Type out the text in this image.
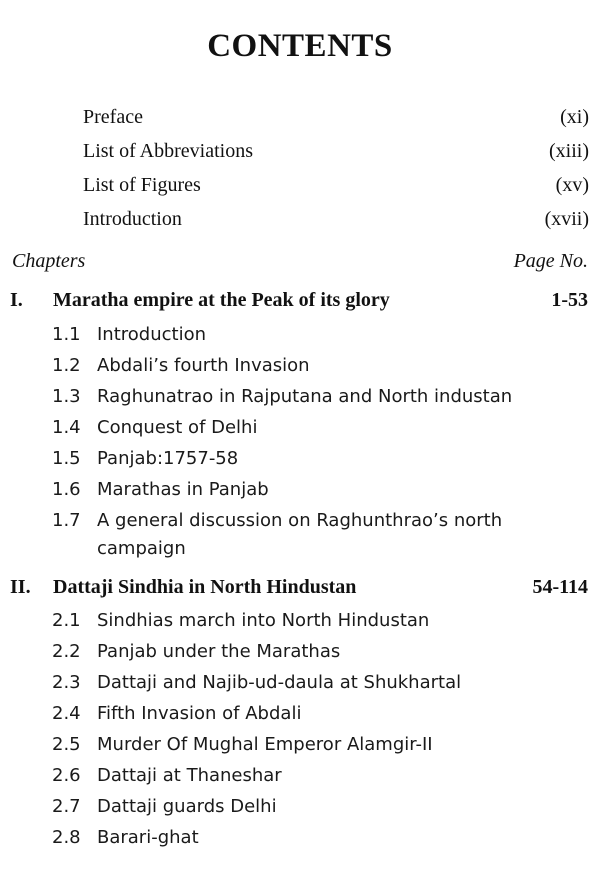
CONTENTS
Preface	(xi)
List of Abbreviations	(xiii)
List of Figures	(xv)
Introduction	(xvii)
Chapters	Page No.
I. Maratha empire at the Peak of its glory	1-53
1.1 Introduction
1.2 Abdali’s fourth Invasion
1.3 Raghunatrao in Rajputana and North industan
1.4 Conquest of Delhi
1.5 Panjab:1757-58
1.6 Marathas in Panjab
1.7 A general discussion on Raghunthrao’s north campaign
II. Dattaji Sindhia in North Hindustan	54-114
2.1 Sindhias march into North Hindustan
2.2 Panjab under the Marathas
2.3 Dattaji and Najib-ud-daula at Shukhartal
2.4 Fifth Invasion of Abdali
2.5 Murder Of Mughal Emperor Alamgir-II
2.6 Dattaji at Thaneshar
2.7 Dattaji guards Delhi
2.8 Barari-ghat
